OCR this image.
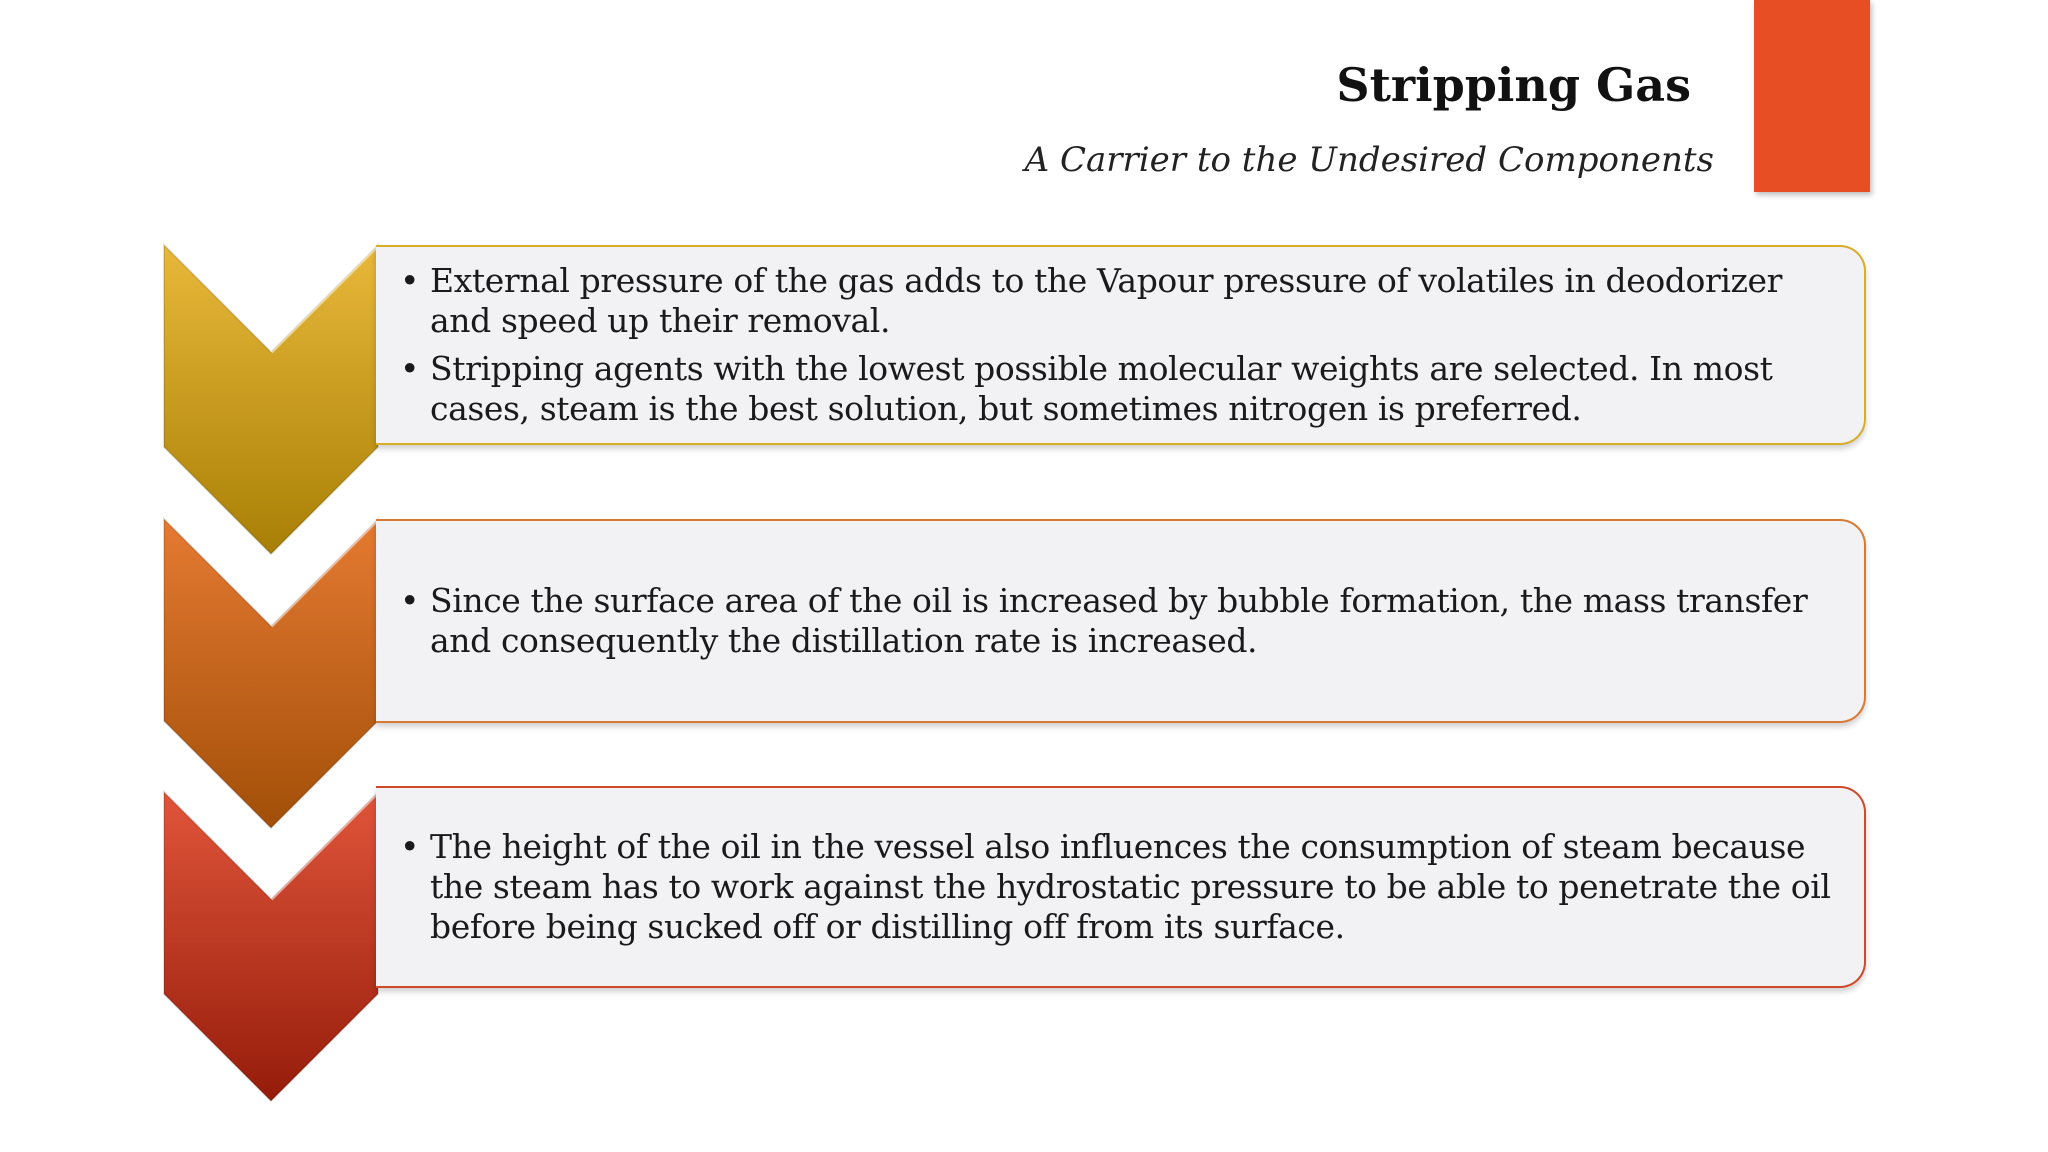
Stripping Gas

A Carrier to the Undesired Components

• External pressure of the gas adds to the Vapour pressure of volatiles in deodorizer and speed up their removal.
• Stripping agents with the lowest possible molecular weights are selected. In most cases, steam is the best solution, but sometimes nitrogen is preferred.
• Since the surface area of the oil is increased by bubble formation, the mass transfer and consequently the distillation rate is increased.
• The height of the oil in the vessel also influences the consumption of steam because the steam has to work against the hydrostatic pressure to be able to penetrate the oil before being sucked off or distilling off from its surface.
